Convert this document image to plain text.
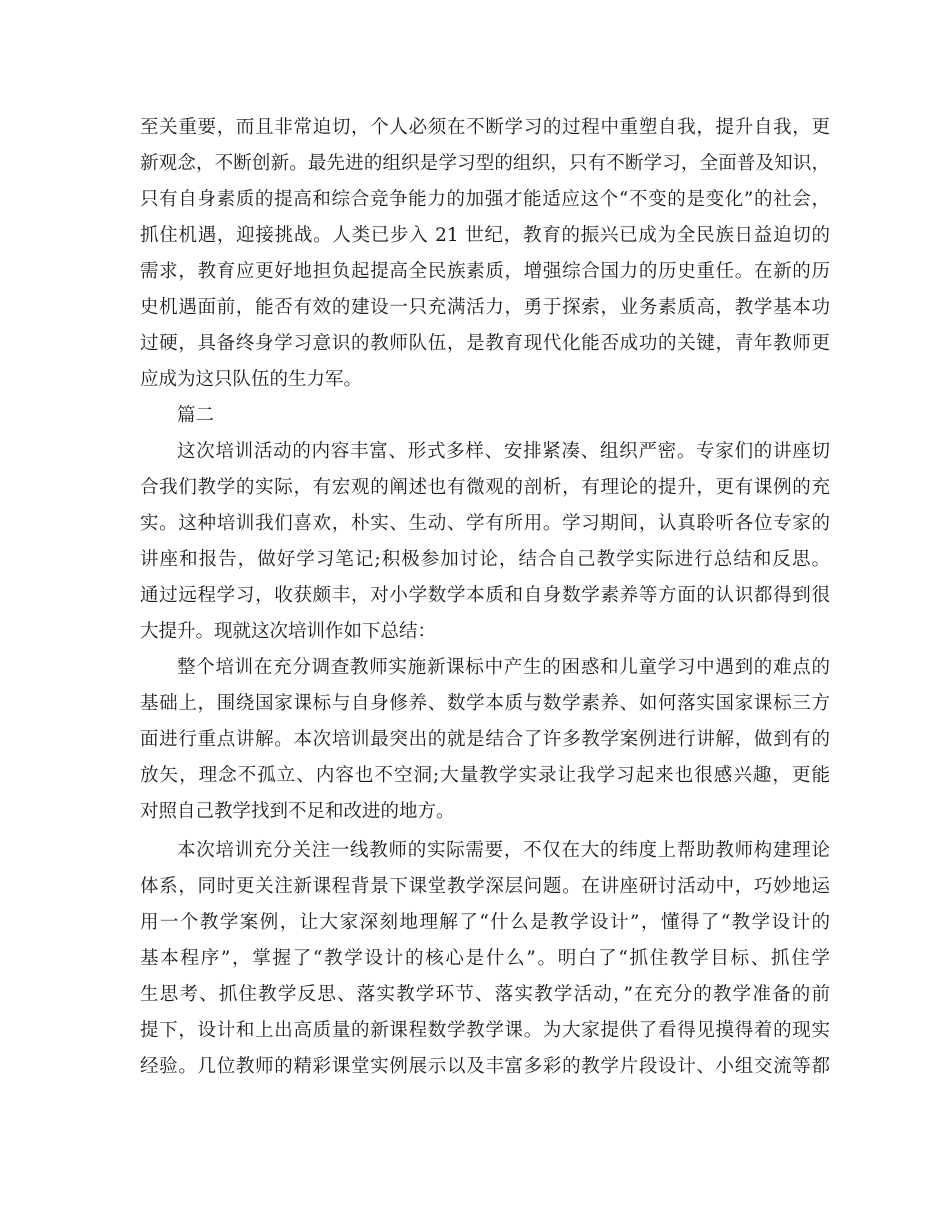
至关重要，而且非常迫切，个人必须在不断学习的过程中重塑自我，提升自我，更
新观念，不断创新。最先进的组织是学习型的组织，只有不断学习，全面普及知识，
只有自身素质的提高和综合竞争能力的加强才能适应这个“不变的是变化”的社会，
抓住机遇，迎接挑战。人类已步入 21 世纪，教育的振兴已成为全民族日益迫切的
需求，教育应更好地担负起提高全民族素质，增强综合国力的历史重任。在新的历
史机遇面前，能否有效的建设一只充满活力，勇于探索，业务素质高，教学基本功
过硬，具备终身学习意识的教师队伍，是教育现代化能否成功的关键，青年教师更
应成为这只队伍的生力军。
篇二
这次培训活动的内容丰富、形式多样、安排紧凑、组织严密。专家们的讲座切
合我们教学的实际，有宏观的阐述也有微观的剖析，有理论的提升，更有课例的充
实。这种培训我们喜欢，朴实、生动、学有所用。学习期间，认真聆听各位专家的
讲座和报告，做好学习笔记;积极参加讨论，结合自己教学实际进行总结和反思。
通过远程学习，收获颇丰，对小学数学本质和自身数学素养等方面的认识都得到很
大提升。现就这次培训作如下总结：
整个培训在充分调查教师实施新课标中产生的困惑和儿童学习中遇到的难点的
基础上，围绕国家课标与自身修养、数学本质与数学素养、如何落实国家课标三方
面进行重点讲解。本次培训最突出的就是结合了许多教学案例进行讲解，做到有的
放矢，理念不孤立、内容也不空洞;大量教学实录让我学习起来也很感兴趣，更能
对照自己教学找到不足和改进的地方。
本次培训充分关注一线教师的实际需要，不仅在大的纬度上帮助教师构建理论
体系，同时更关注新课程背景下课堂教学深层问题。在讲座研讨活动中，巧妙地运
用一个教学案例，让大家深刻地理解了“什么是教学设计”，懂得了“教学设计的
基本程序”，掌握了“教学设计的核心是什么”。明白了“抓住教学目标、抓住学
生思考、抓住教学反思、落实教学环节、落实教学活动，”在充分的教学准备的前
提下，设计和上出高质量的新课程数学教学课。为大家提供了看得见摸得着的现实
经验。几位教师的精彩课堂实例展示以及丰富多彩的教学片段设计、小组交流等都
